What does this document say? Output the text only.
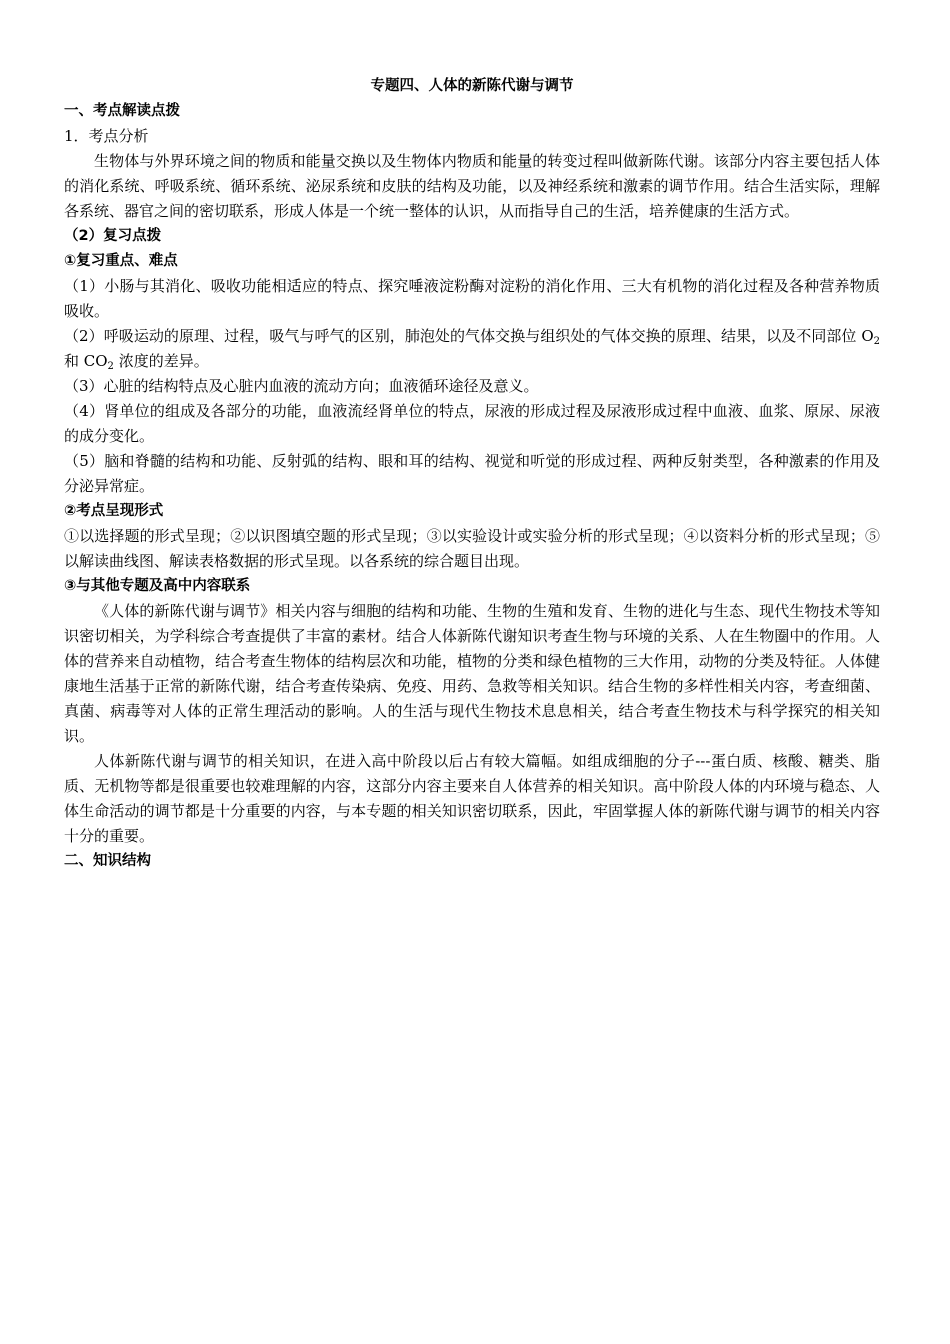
专题四、人体的新陈代谢与调节
一、考点解读点拨
1．考点分析

生物体与外界环境之间的物质和能量交换以及生物体内物质和能量的转变过程叫做新陈代谢。该部分内容主要包括人体的消化系统、呼吸系统、循环系统、泌尿系统和皮肤的结构及功能，以及神经系统和激素的调节作用。结合生活实际，理解各系统、器官之间的密切联系，形成人体是一个统一整体的认识，从而指导自己的生活，培养健康的生活方式。

（2）复习点拨
①复习重点、难点

（1）小肠与其消化、吸收功能相适应的特点、探究唾液淀粉酶对淀粉的消化作用、三大有机物的消化过程及各种营养物质吸收。

（2）呼吸运动的原理、过程，吸气与呼气的区别，肺泡处的气体交换与组织处的气体交换的原理、结果，以及不同部位 $O_2$ 和 $CO_2$ 浓度的差异。

（3）心脏的结构特点及心脏内血液的流动方向；血液循环途径及意义。

（4）肾单位的组成及各部分的功能，血液流经肾单位的特点，尿液的形成过程及尿液形成过程中血液、血浆、原尿、尿液的成分变化。

（5）脑和脊髓的结构和功能、反射弧的结构、眼和耳的结构、视觉和听觉的形成过程、两种反射类型，各种激素的作用及分泌异常症。

②考点呈现形式

①以选择题的形式呈现；②以识图填空题的形式呈现；③以实验设计或实验分析的形式呈现；④以资料分析的形式呈现；⑤以解读曲线图、解读表格数据的形式呈现。以各系统的综合题目出现。

③与其他专题及高中内容联系

《人体的新陈代谢与调节》相关内容与细胞的结构和功能、生物的生殖和发育、生物的进化与生态、现代生物技术等知识密切相关，为学科综合考查提供了丰富的素材。结合人体新陈代谢知识考查生物与环境的关系、人在生物圈中的作用。人体的营养来自动植物，结合考查生物体的结构层次和功能，植物的分类和绿色植物的三大作用，动物的分类及特征。人体健康地生活基于正常的新陈代谢，结合考查传染病、免疫、用药、急救等相关知识。结合生物的多样性相关内容，考查细菌、真菌、病毒等对人体的正常生理活动的影响。人的生活与现代生物技术息息相关，结合考查生物技术与科学探究的相关知识。

人体新陈代谢与调节的相关知识，在进入高中阶段以后占有较大篇幅。如组成细胞的分子---蛋白质、核酸、糖类、脂质、无机物等都是很重要也较难理解的内容，这部分内容主要来自人体营养的相关知识。高中阶段人体的内环境与稳态、人体生命活动的调节都是十分重要的内容，与本专题的相关知识密切联系，因此，牢固掌握人体的新陈代谢与调节的相关内容十分的重要。

二、知识结构
